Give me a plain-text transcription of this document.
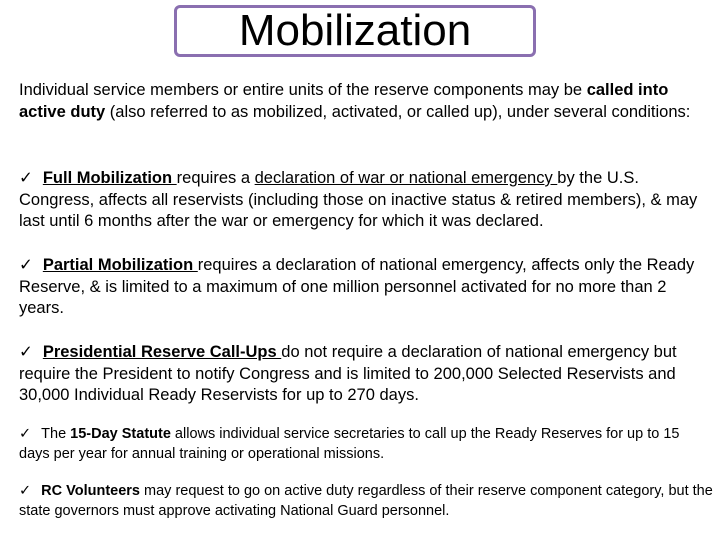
Mobilization

Individual service members or entire units of the reserve components may be called into active duty (also referred to as mobilized, activated, or called up), under several conditions:

✓ Full Mobilization requires a declaration of war or national emergency by the U.S. Congress, affects all reservists (including those on inactive status & retired members), & may last until 6 months after the war or emergency for which it was declared.

✓ Partial Mobilization requires a declaration of national emergency, affects only the Ready Reserve, & is limited to a maximum of one million personnel activated for no more than 2 years.

✓ Presidential Reserve Call-Ups do not require a declaration of national emergency but require the President to notify Congress and is limited to 200,000 Selected Reservists and 30,000 Individual Ready Reservists for up to 270 days.

✓ The 15-Day Statute allows individual service secretaries to call up the Ready Reserves for up to 15 days per year for annual training or operational missions.

✓ RC Volunteers may request to go on active duty regardless of their reserve component category, but the state governors must approve activating National Guard personnel.
